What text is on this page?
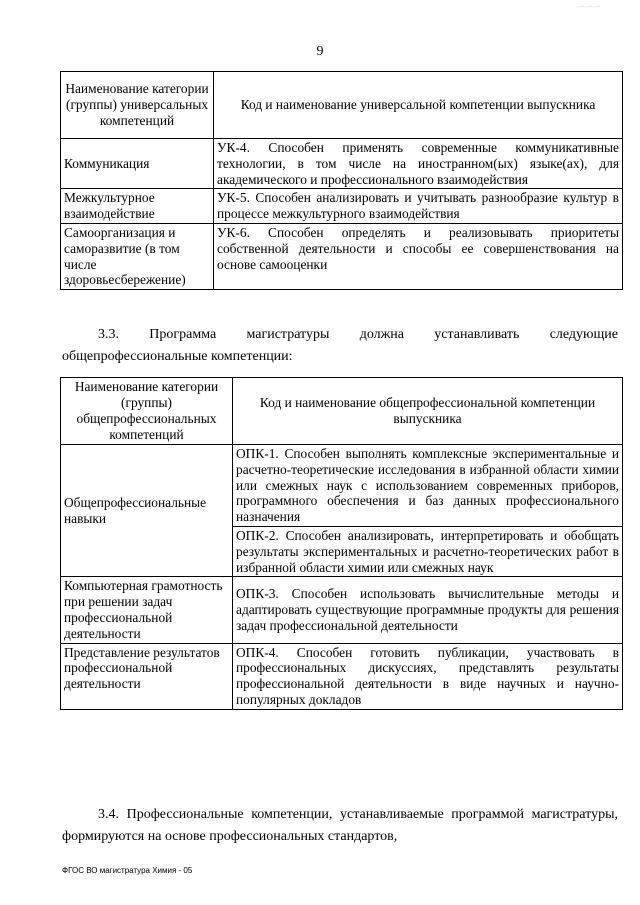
. . . . . .
9
Наименование категории (группы) универсальных компетенций	Код и наименование универсальной компетенции выпускника
Коммуникация	УК-4. Способен применять современные коммуникативные технологии, в том числе на иностранном(ых) языке(ах), для академического и профессионального взаимодействия
Межкультурное взаимодействие	УК-5. Способен анализировать и учитывать разнообразие культур в процессе межкультурного взаимодействия
Самоорганизация и саморазвитие (в том числе здоровьесбережение)	УК-6. Способен определять и реализовывать приоритеты собственной деятельности и способы ее совершенствования на основе самооценки
3.3. Программа магистратуры должна устанавливать следующие общепрофессиональные компетенции:
Наименование категории (группы) общепрофессиональных компетенций	Код и наименование общепрофессиональной компетенции выпускника
Общепрофессиональные навыки	ОПК-1. Способен выполнять комплексные экспериментальные и расчетно-теоретические исследования в избранной области химии или смежных наук с использованием современных приборов, программного обеспечения и баз данных профессионального назначения
	ОПК-2. Способен анализировать, интерпретировать и обобщать результаты экспериментальных и расчетно-теоретических работ в избранной области химии или смежных наук
Компьютерная грамотность при решении задач профессиональной деятельности	ОПК-3. Способен использовать вычислительные методы и адаптировать существующие программные продукты для решения задач профессиональной деятельности
Представление результатов профессиональной деятельности	ОПК-4. Способен готовить публикации, участвовать в профессиональных дискуссиях, представлять результаты профессиональной деятельности в виде научных и научно-популярных докладов
3.4. Профессиональные компетенции, устанавливаемые программой магистратуры, формируются на основе профессиональных стандартов,
ФГОС ВО магистратура Химия - 05
